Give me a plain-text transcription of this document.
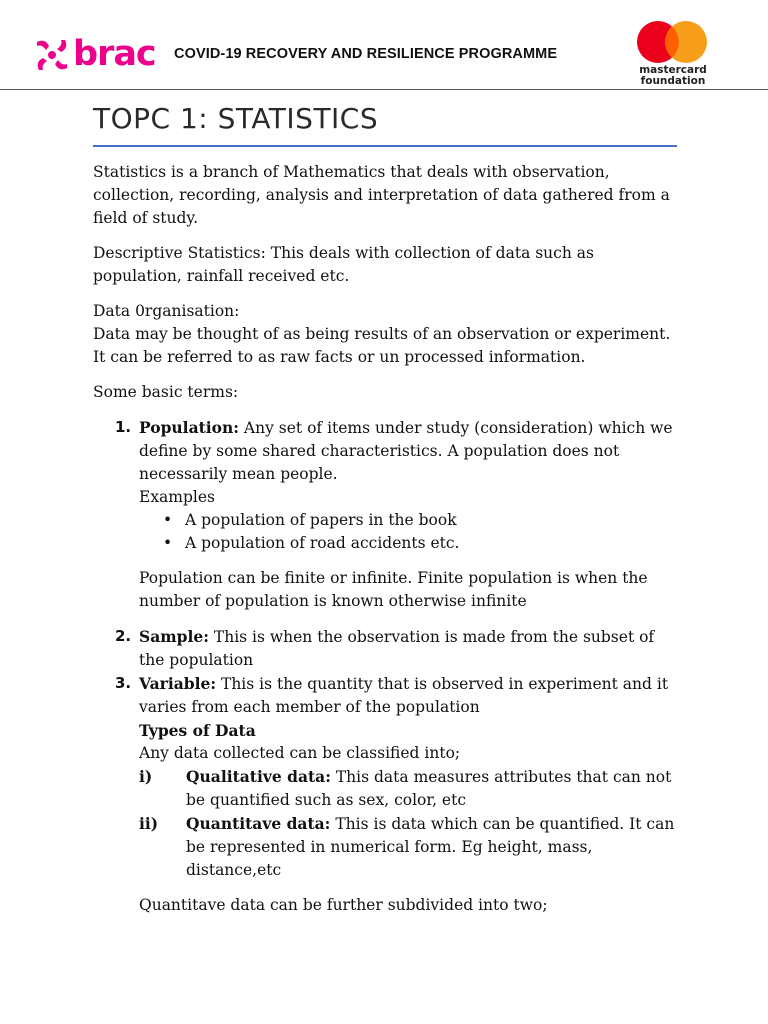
brac COVID-19 RECOVERY AND RESILIENCE PROGRAMME
mastercard
foundation
TOPC 1: STATISTICS

Statistics is a branch of Mathematics that deals with observation, collection, recording, analysis and interpretation of data gathered from a field of study.

Descriptive Statistics: This deals with collection of data such as population, rainfall received etc.

Data 0rganisation:

Data may be thought of as being results of an observation or experiment. It can be referred to as raw facts or un processed information.

Some basic terms:

1. Population: Any set of items under study (consideration) which we define by some shared characteristics. A population does not necessarily mean people.

Examples

• A population of papers in the book
• A population of road accidents etc.

Population can be finite or infinite. Finite population is when the number of population is known otherwise infinite

2. Sample: This is when the observation is made from the subset of the population

3. Variable: This is the quantity that is observed in experiment and it varies from each member of the population

Types of Data

Any data collected can be classified into;

i) Qualitative data: This data measures attributes that can not be quantified such as sex, color, etc

ii) Quantitave data: This is data which can be quantified. It can be represented in numerical form. Eg height, mass, distance,etc

Quantitave data can be further subdivided into two;
